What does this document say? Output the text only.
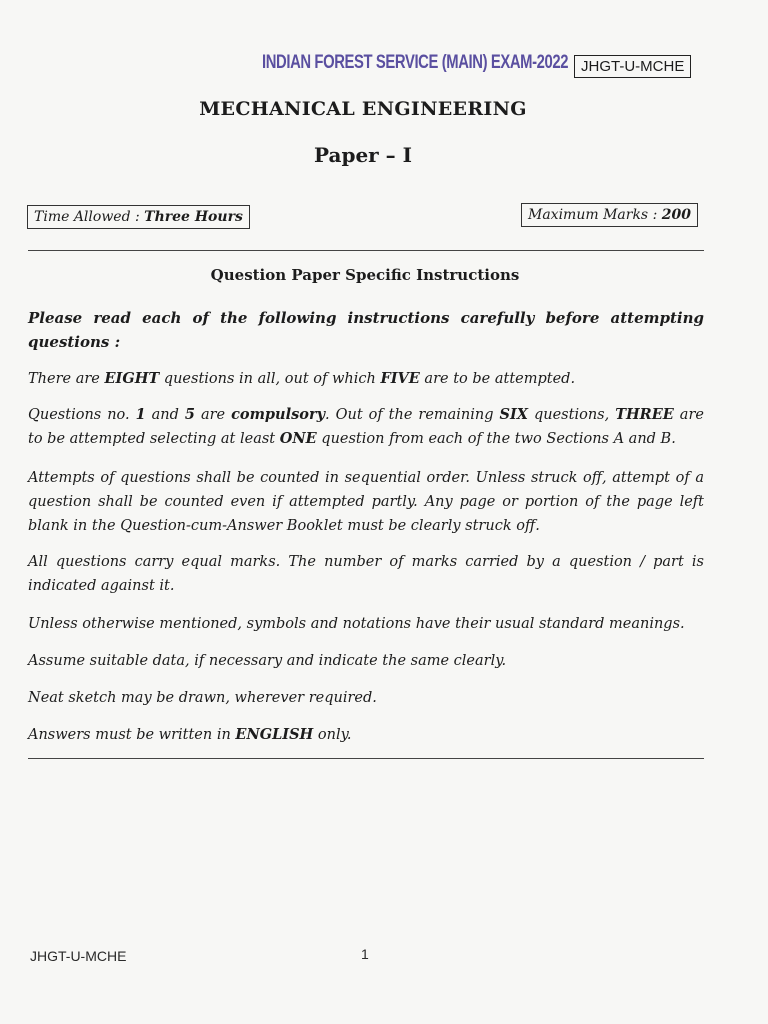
INDIAN FOREST SERVICE (MAIN) EXAM-2022 JHGT-U-MCHE
MECHANICAL ENGINEERING
Paper – I
Time Allowed : Three Hours	Maximum Marks : 200
Question Paper Specific Instructions
Please read each of the following instructions carefully before attempting questions :
There are EIGHT questions in all, out of which FIVE are to be attempted.
Questions no. 1 and 5 are compulsory. Out of the remaining SIX questions, THREE are to be attempted selecting at least ONE question from each of the two Sections A and B.
Attempts of questions shall be counted in sequential order. Unless struck off, attempt of a question shall be counted even if attempted partly. Any page or portion of the page left blank in the Question-cum-Answer Booklet must be clearly struck off.
All questions carry equal marks. The number of marks carried by a question / part is indicated against it.
Unless otherwise mentioned, symbols and notations have their usual standard meanings.
Assume suitable data, if necessary and indicate the same clearly.
Neat sketch may be drawn, wherever required.
Answers must be written in ENGLISH only.
JHGT-U-MCHE	1
